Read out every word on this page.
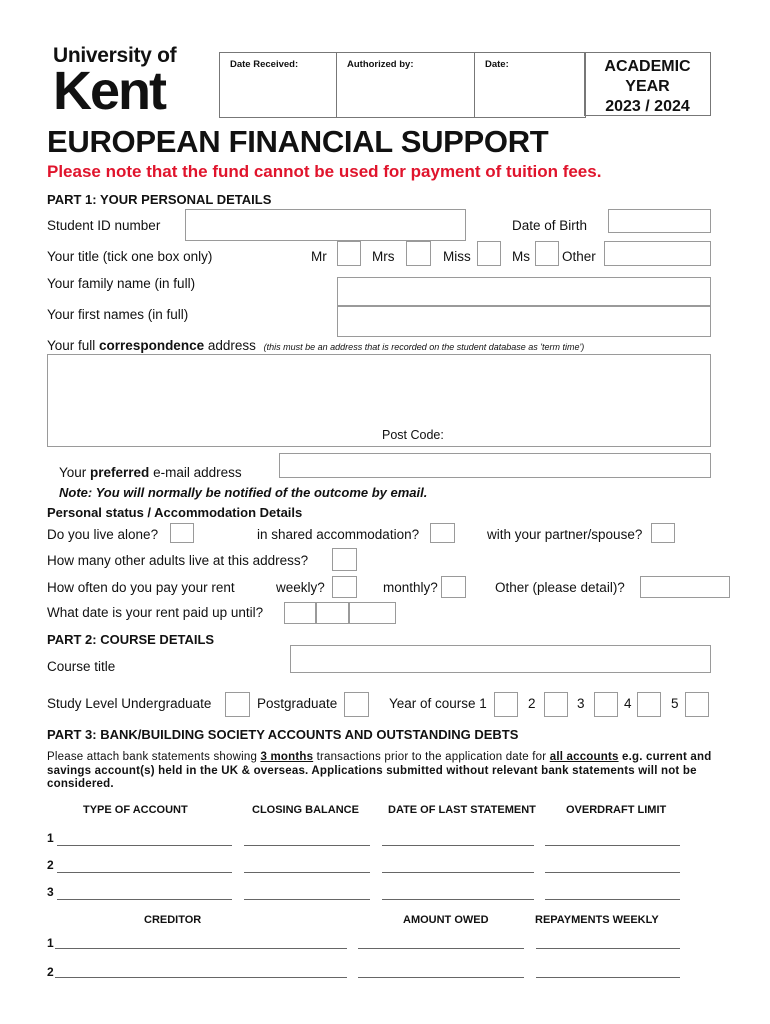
University of
Kent	Date Received:	Authorized by:	Date:	ACADEMIC
YEAR
2023 / 2024
EUROPEAN FINANCIAL SUPPORT
Please note that the fund cannot be used for payment of tuition fees.
PART 1: YOUR PERSONAL DETAILS
Student ID number	Date of Birth
Your title (tick one box only)	Mr	Mrs	Miss	Ms Other
Your family name (in full)
Your first names (in full)
Your full correspondence address (this must be an address that is recorded on the student database as 'term time')
Post Code:
Your preferred e-mail address
Note: You will normally be notified of the outcome by email.
Personal status / Accommodation Details
Do you live alone?	in shared accommodation?	with your partner/spouse?
How many other adults live at this address?
How often do you pay your rent	weekly?	monthly?	Other (please detail)?
What date is your rent paid up until?
PART 2: COURSE DETAILS
Course title
Study Level Undergraduate	Postgraduate	Year of course 1	2	3	4	5
PART 3: BANK/BUILDING SOCIETY ACCOUNTS AND OUTSTANDING DEBTS
Please attach bank statements showing 3 months transactions prior to the application date for all accounts e.g. current and savings account(s) held in the UK & overseas. Applications submitted without relevant bank statements will not be considered.
TYPE OF ACCOUNT	CLOSING BALANCE	DATE OF LAST STATEMENT	OVERDRAFT LIMIT
1
2
3
CREDITOR	AMOUNT OWED	REPAYMENTS WEEKLY
1
2
